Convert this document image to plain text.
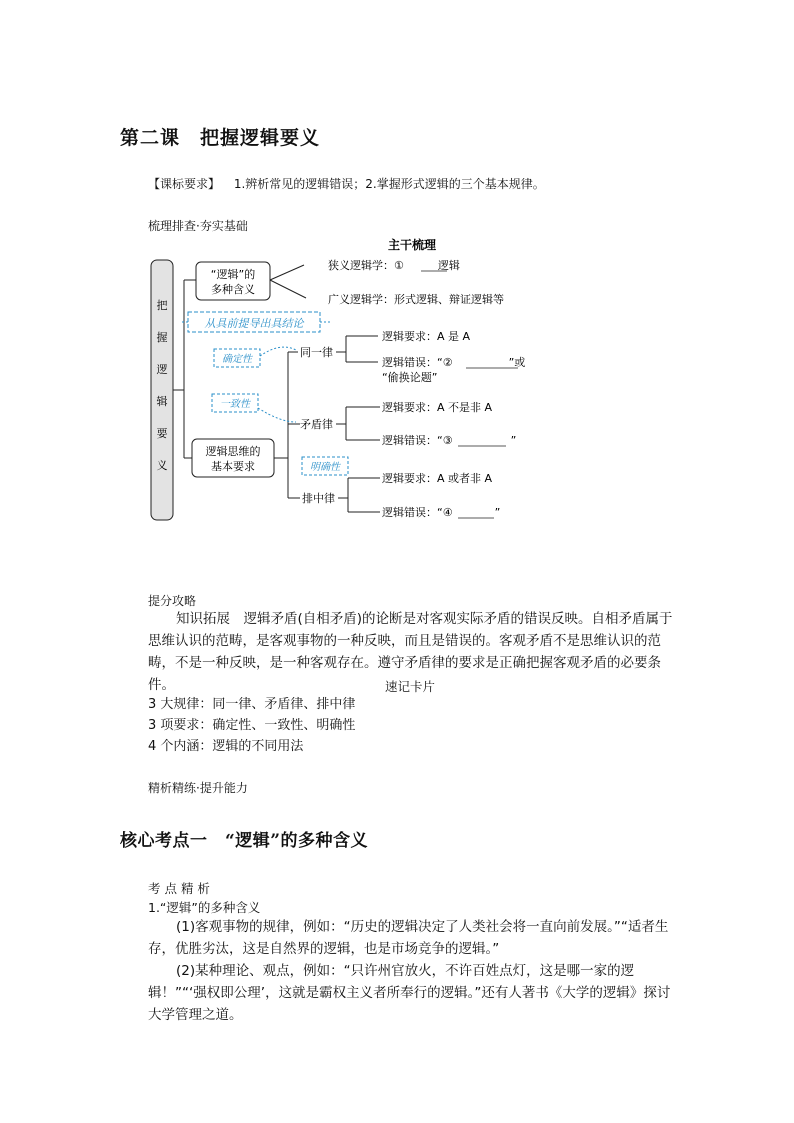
第二课　把握逻辑要义
【课标要求】 1.辨析常见的逻辑错误；2.掌握形式逻辑的三个基本规律。
梳理排查·夯实基础
主干梳理
把
握
逻
辑
要
义
“逻辑”的
多种含义
逻辑思维的
基本要求
狭义逻辑学：①	逻辑
广义逻辑学：形式逻辑、辩证逻辑等
从具前提导出具结论
同一律
矛盾律
排中律
确定性
一致性
明确性
逻辑要求：A 是 A
逻辑错误：“②	”或
“偷换论题”
逻辑要求：A 不是非 A
逻辑错误：“③	”
逻辑要求：A 或者非 A
逻辑错误：“④	”
提分攻略
知识拓展　逻辑矛盾(自相矛盾)的论断是对客观实际矛盾的错误反映。自相矛盾属于思维认识的范畴，是客观事物的一种反映，而且是错误的。客观矛盾不是思维认识的范畴，不是一种反映，是一种客观存在。遵守矛盾律的要求是正确把握客观矛盾的必要条件。	速记卡片
3 大规律：同一律、矛盾律、排中律
3 项要求：确定性、一致性、明确性
4 个内涵：逻辑的不同用法
精析精练·提升能力
核心考点一　“逻辑”的多种含义
考 点 精 析
1.“逻辑”的多种含义
(1)客观事物的规律，例如：“历史的逻辑决定了人类社会将一直向前发展。”“适者生存，优胜劣汰，这是自然界的逻辑，也是市场竞争的逻辑。”
(2)某种理论、观点，例如：“只许州官放火，不许百姓点灯，这是哪一家的逻辑！”“‘强权即公理’，这就是霸权主义者所奉行的逻辑。”还有人著书《大学的逻辑》探讨大学管理之道。
